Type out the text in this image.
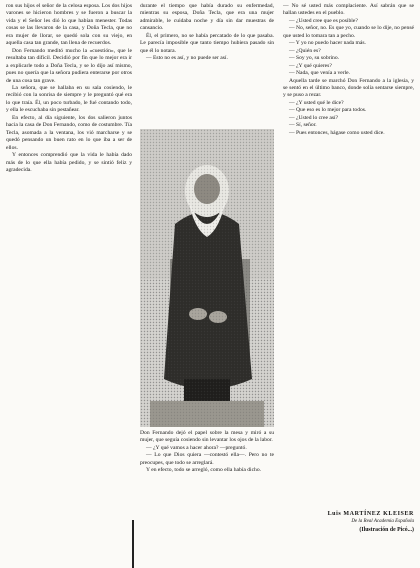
ron sus hijos el señor de la celosa esposa. Los dos hijos varones se hicieron hombres y se fueron a buscar la vida y el Señor les dió lo que habían menester. Todas cosas se las llevaron de la casa, y Doña Tecla, que no era mujer de llorar, se quedó sola con su viejo, en aquella casa tan grande, tan llena de recuerdos.

Don Fernando meditó mucho la «cuestión», que le resultaba tan difícil. Decidió por fin que lo mejor era ir a explicarle todo a Doña Tecla, y se lo dijo así mismo, pues no quería que la señora pudiera enterarse por otros de una cosa tan grave.

La señora, que se hallaba en su sala cosiendo, le recibió con la sonrisa de siempre y le preguntó qué era lo que traía. Él, un poco turbado, le fué contando todo, y ella le escuchaba sin pestañear.

En efecto, al día siguiente, los dos salieron juntos hacia la casa de Don Fernando, como de costumbre. Tía Tecla, asomada a la ventana, los vió marcharse y se quedó pensando un buen rato en lo que iba a ser de ellos.

Y entonces comprendió que la vida le había dado más de lo que ella había pedido, y se sintió feliz y agradecida.

durante el tiempo que había durado su enfermedad, mientras su esposa, Doña Tecla, que era una mujer admirable, le cuidaba noche y día sin dar muestras de cansancio.

Él, el primero, no se había percatado de lo que pasaba. Le parecía imposible que tanto tiempo hubiera pasado sin que él lo notara.

— Esto no es así, y no puede ser así.

Don Fernando dejó el papel sobre la mesa y miró a su mujer, que seguía cosiendo sin levantar los ojos de la labor.

— ¿Y qué vamos a hacer ahora? —preguntó.

— Lo que Dios quiera —contestó ella—. Pero no te preocupes, que todo se arreglará.

Y en efecto, todo se arregló, como ella había dicho.

— No sé usted más complaciente. Así sabrán que se hallan ustedes en el pueblo.

— ¿Usted cree que es posible?

— No, señor, no. Es que yo, cuando se lo dije, no pensé que usted lo tomara tan a pecho.

— Y yo no puedo hacer nada más.

— ¿Quién es?

— Soy yo, su sobrino.

— ¿Y qué quieres?

— Nada, que venía a verle.

Aquella tarde se marchó Don Fernando a la iglesia, y se sentó en el último banco, donde solía sentarse siempre, y se puso a rezar.

— ¿Y usted qué le dice?

— Que eso es lo mejor para todos.

— ¿Usted lo cree así?

— Sí, señor.

— Pues entonces, hágase como usted dice.

Luis MARTÍNEZ KLEISER
De la Real Academia Española
(Ilustración de Picó...)
